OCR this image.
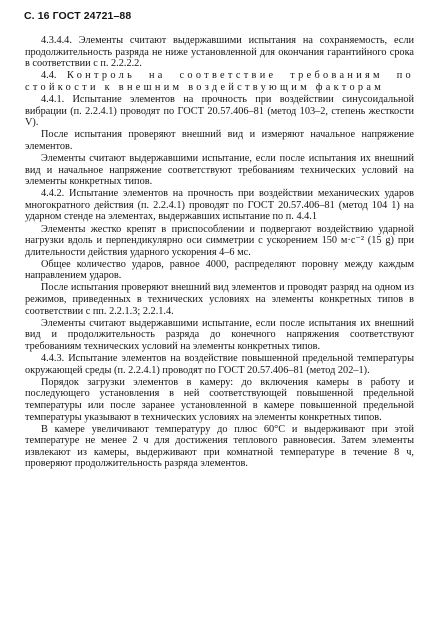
С. 16 ГОСТ 24721–88

4.3.4.4. Элементы считают выдержавшими испытания на сохраняемость, если продолжительность разряда не ниже установленной для окончания гарантийного срока в соответствии с п. 2.2.2.2.

4.4. Контроль на соответствие требованиям по стойкости к внешним воздействующим факторам

4.4.1. Испытание элементов на прочность при воздействии синусоидальной вибрации (п. 2.2.4.1) проводят по ГОСТ 20.57.406–81 (метод 103–2, степень жесткости V).

После испытания проверяют внешний вид и измеряют начальное напряжение элементов.

Элементы считают выдержавшими испытание, если после испытания их внешний вид и начальное напряжение соответствуют требованиям технических условий на элементы конкретных типов.

4.4.2. Испытание элементов на прочность при воздействии механических ударов многократного действия (п. 2.2.4.1) проводят по ГОСТ 20.57.406–81 (метод 104 1) на ударном стенде на элементах, выдержавших испытание по п. 4.4.1

Элементы жестко крепят в приспособлении и подвергают воздействию ударной нагрузки вдоль и перпендикулярно оси симметрии с ускорением 150 м·с⁻² (15 g) при длительности действия ударного ускорения 4–6 мс.

Общее количество ударов, равное 4000, распределяют поровну между каждым направлением ударов.

После испытания проверяют внешний вид элементов и проводят разряд на одном из режимов, приведенных в технических условиях на элементы конкретных типов в соответствии с пп. 2.2.1.3; 2.2.1.4.

Элементы считают выдержавшими испытание, если после испытания их внешний вид и продолжительность разряда до конечного напряжения соответствуют требованиям технических условий на элементы конкретных типов.

4.4.3. Испытание элементов на воздействие повышенной предельной температуры окружающей среды (п. 2.2.4.1) проводят по ГОСТ 20.57.406–81 (метод 202–1).

Порядок загрузки элементов в камеру: до включения камеры в работу и последующего установления в ней соответствующей повышенной предельной температуры или после заранее установленной в камере повышенной предельной температуры указывают в технических условиях на элементы конкретных типов.

В камере увеличивают температуру до плюс 60°С и выдерживают при этой температуре не менее 2 ч для достижения теплового равновесия. Затем элементы извлекают из камеры, выдерживают при комнатной температуре в течение 8 ч, проверяют продолжительность разряда элементов.
